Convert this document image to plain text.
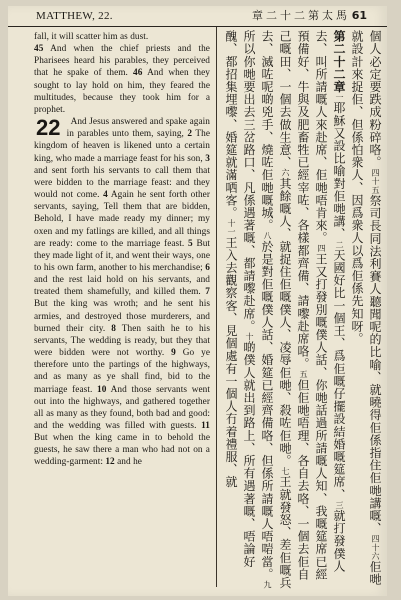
MATTHEW, 22.	馬太第二十二章 61

fall, it will scatter him as dust.

45 And when the chief priests and the Pharisees heard his parables, they perceived that he spake of them. 46 And when they sought to lay hold on him, they feared the multitudes, because they took him for a prophet.

22	And Jesus answered and spake again in parables unto them, saying, 2 The kingdom of heaven is likened unto a certain king, who made a marriage feast for his son, 3 and sent forth his servants to call them that were bidden to the marriage feast: and they would not come. 4 Again he sent forth other servants, saying, Tell them that are bidden, Behold, I have made ready my dinner; my oxen and my fatlings are killed, and all things are ready: come to the marriage feast. 5 But they made light of it, and went their ways, one to his own farm, another to his merchandise; 6 and the rest laid hold on his servants, and treated them shamefully, and killed them. 7 But the king was wroth; and he sent his armies, and destroyed those murderers, and burned their city. 8 Then saith he to his servants, The wedding is ready, but they that were bidden were not worthy. 9 Go ye therefore unto the partings of the highways, and as many as ye shall find, bid to the marriage feast. 10 And those servants went out into the highways, and gathered together all as many as they found, both bad and good: and the wedding was filled with guests. 11 But when the king came in to behold the guests, he saw there a man who had not on a wedding-garment: 12 and he

個人必定要跌成粉碎咯。四十五祭司長同法利賽人聽聞呢的比喻、就曉得佢係指住佢哋講嘅、四十六佢哋就設計來捉佢、但係怕衆人、因爲衆人以爲佢係先知呀。

第二十二章一耶穌又設比喻對佢哋講、二天國好比一個王、爲佢嘅仔擺設結婚嘅筵席、三就打發僕人去、叫所請嘅人來赴席、佢哋唔肯來。四王又打發別嘅僕人話、你哋話過所請嘅人知、我嘅筵席已經預備好、牛與及肥畜牲已經宰咗、各樣都齊備、請嚟赴席咯。五但佢哋唔理、各自去咯、一個去佢自己嘅田、一個去做生意、六其餘嘅人、就捉住佢嘅僕人、凌辱佢哋、殺咗佢哋。七王就發怒、差佢嘅兵去、滅咗呢啲兇手、燒咗佢哋嘅城。八於是對佢嘅僕人話、婚筵已經齊備咯、但係所請嘅人唔啱當。九所以你哋要出去三岔路口、凡係遇著嘅、都請嚟赴席。十啲僕人就出到路上、所有遇著嘅、唔論好醜、都招集埋嚟、婚筵就滿哂客。十一王入去觀察客、見個處有一個人冇着禮服、就
